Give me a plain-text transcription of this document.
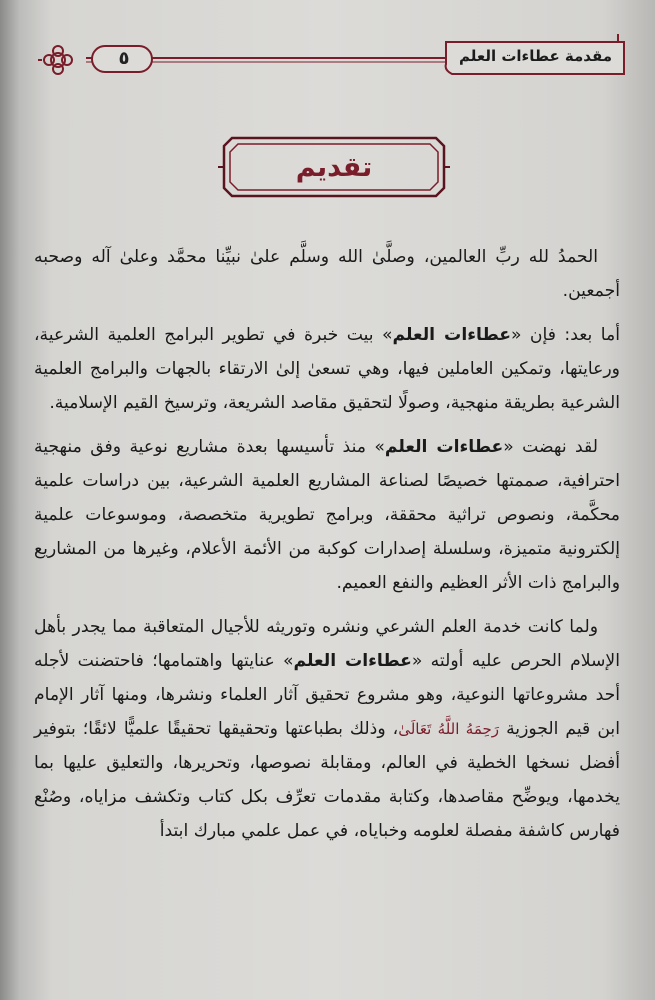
مقدمة عطاءات العلم
٥
تقديم

الحمدُ لله ربِّ العالمين، وصلَّىٰ الله وسلَّم علىٰ نبيِّنا محمَّد وعلىٰ آله وصحبه أجمعين.

أما بعد: فإن «عطاءات العلم» بيت خبرة في تطوير البرامج العلمية الشرعية، ورعايتها، وتمكين العاملين فيها، وهي تسعىٰ إلىٰ الارتقاء بالجهات والبرامج العلمية الشرعية بطريقة منهجية، وصولًا لتحقيق مقاصد الشريعة، وترسيخ القيم الإسلامية.

لقد نهضت «عطاءات العلم» منذ تأسيسها بعدة مشاريع نوعية وفق منهجية احترافية، صممتها خصيصًا لصناعة المشاريع العلمية الشرعية، بين دراسات علمية محكَّمة، ونصوص تراثية محققة، وبرامج تطويرية متخصصة، وموسوعات علمية إلكترونية متميزة، وسلسلة إصدارات كوكبة من الأئمة الأعلام، وغيرها من المشاريع والبرامج ذات الأثر العظيم والنفع العميم.

ولما كانت خدمة العلم الشرعي ونشره وتوريثه للأجيال المتعاقبة مما يجدر بأهل الإسلام الحرص عليه أولته «عطاءات العلم» عنايتها واهتمامها؛ فاحتضنت لأجله أحد مشروعاتها النوعية، وهو مشروع تحقيق آثار العلماء ونشرها، ومنها آثار الإمام ابن قيم الجوزية رَحِمَهُ اللَّهُ تَعَالَىٰ، وذلك بطباعتها وتحقيقها تحقيقًا علميًّا لائقًا؛ بتوفير أفضل نسخها الخطية في العالم، ومقابلة نصوصها، وتحريرها، والتعليق عليها بما يخدمها، ويوضِّح مقاصدها، وكتابة مقدمات تعرِّف بكل كتاب وتكشف مزاياه، وصُنْع فهارس كاشفة مفصلة لعلومه وخباياه، في عمل علمي مبارك ابتدأ
